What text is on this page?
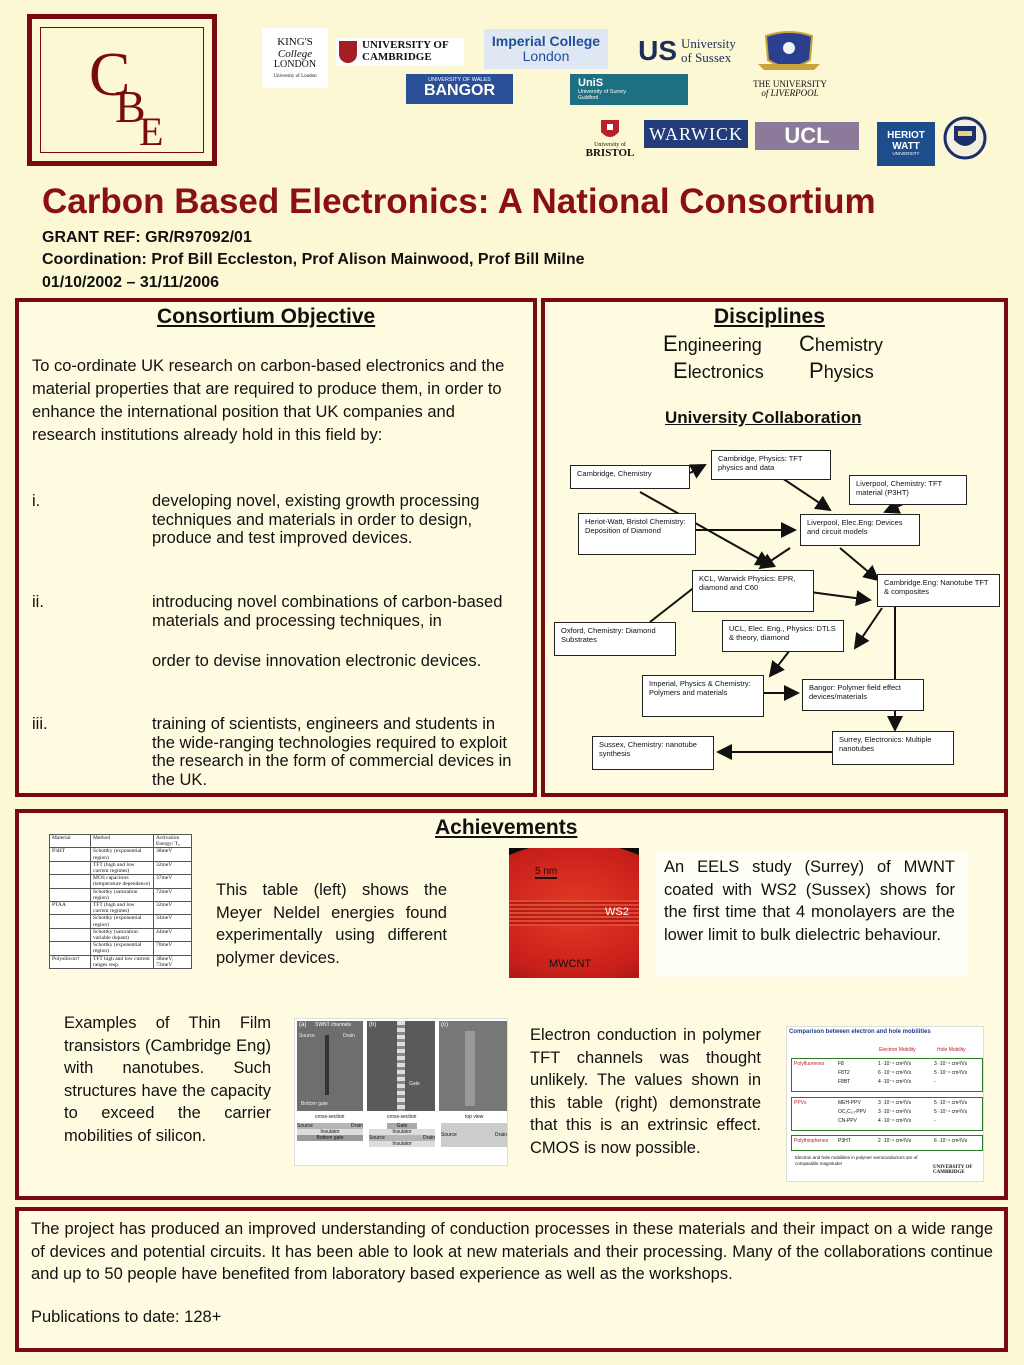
C
B
E
KING'S
College
LONDON
University of London
UNIVERSITY OF CAMBRIDGE
Imperial College
London US University
of Sussex
THE UNIVERSITY
of LIVERPOOL
UNIVERSITY OF WALES
BANGOR	UniS
University of Surrey
Guildford
University of
BRISTOL
WARWICK UCL	HERIOT
WATT
UNIVERSITY
Carbon Based Electronics: A National Consortium
GRANT REF: GR/R97092/01
Coordination: Prof Bill Eccleston, Prof Alison Mainwood, Prof Bill Milne
01/10/2002 – 31/11/2006
Consortium Objective
To co-ordinate UK research on carbon-based electronics and the material properties that are required to produce them, in order to enhance the international position that UK companies and research institutions already hold in this field by:
i.	developing novel, existing growth processing techniques and materials in order to design, produce and test improved devices.
ii.	introducing novel combinations of carbon-based materials and processing techniques, in
order to devise innovation electronic devices.
iii.	training of scientists, engineers and students in the wide-ranging technologies required to exploit the research in the form of commercial devices in the UK.
Disciplines
Engineering Chemistry
Electronics Physics
University Collaboration
Cambridge, Physics: TFT physics and data
Cambridge, Chemistry
Liverpool, Chemistry: TFT material (P3HT)
Heriot-Watt, Bristol Chemistry: Deposition of Diamond
Liverpool, Elec.Eng: Devices and circuit models
KCL, Warwick Physics: EPR, diamond and C60
Cambridge.Eng: Nanotube TFT & composites
Oxford, Chemistry: Diamond Substrates
UCL, Elec. Eng., Physics: DTLS & theory, diamond
Imperial, Physics & Chemistry: Polymers and materials
Bangor: Polymer field effect devices/materials
Sussex, Chemistry: nanotube synthesis
Surrey, Electronics: Multiple nanotubes
Achievements
Material	Method	Activation Energy/ T₀
P3HT	Schottky (exponential region)	38meV
	TFT (high and low current regimes)	32meV
	MOS capacitors (temperature dependence)	37meV
	Schottky (saturation region)	72meV
PTAA	TFT (high and low current regimes)	32meV
	Schottky (exponential region)	34meV
	Schottky (saturation: variable dopant)	44meV
	Schottky (exponential region)	70meV
Polysilicon†	TFT high and low current ranges resp.	38meV, 73meV
This table (left) shows the Meyer Neldel energies found experimentally using different polymer devices.
5 nm
WS2
MWCNT
An EELS study (Surrey) of MWNT coated with WS2 (Sussex) shows for the first time that 4 monolayers are the lower limit to bulk dielectric behaviour.
Examples of Thin Film transistors (Cambridge Eng) with nanotubes. Such structures have the capacity to exceed the carrier mobilities of silicon.
(a) SWNT channels
Source	Drain
Bottom gate
(b)
Gate
(c)
cross-section	cross-section	top view
Source	Drain
Insulator
Bottom gate
Gate
Insulator
Source	Drain
Insulator
Source	Drain
Electron conduction in polymer TFT channels was thought unlikely. The values shown in this table (right) demonstrate that this is an extrinsic effect. CMOS is now possible.
Comparison between electron and hole mobilities
Electron Mobility	Hole Mobility
Polyfluorenes	F8	1 ·10⁻⁴ cm²/Vs	3 ·10⁻⁴ cm²/Vs
F8T2	6 ·10⁻⁴ cm²/Vs	5 ·10⁻⁴ cm²/Vs
F8BT	4 ·10⁻⁴ cm²/Vs	-
PPVs	MEH-PPV	3 ·10⁻⁴ cm²/Vs	5 ·10⁻⁴ cm²/Vs
OC₁C₁₀-PPV 3 ·10⁻⁴ cm²/Vs	5 ·10⁻⁴ cm²/Vs
CN-PPV	4 ·10⁻⁴ cm²/Vs	-
Polythiophenes P3HT	2 ·10⁻⁴ cm²/Vs	6 ·10⁻⁴ cm²/Vs
Electron and hole mobilities in polymer semiconductors are of comparable magnitude!
UNIVERSITY OF CAMBRIDGE
The project has produced an improved understanding of conduction processes in these materials and their impact on a wide range of devices and potential circuits. It has been able to look at new materials and their processing. Many of the collaborations continue and up to 50 people have benefited from laboratory based experience as well as the workshops.
Publications to date: 128+
